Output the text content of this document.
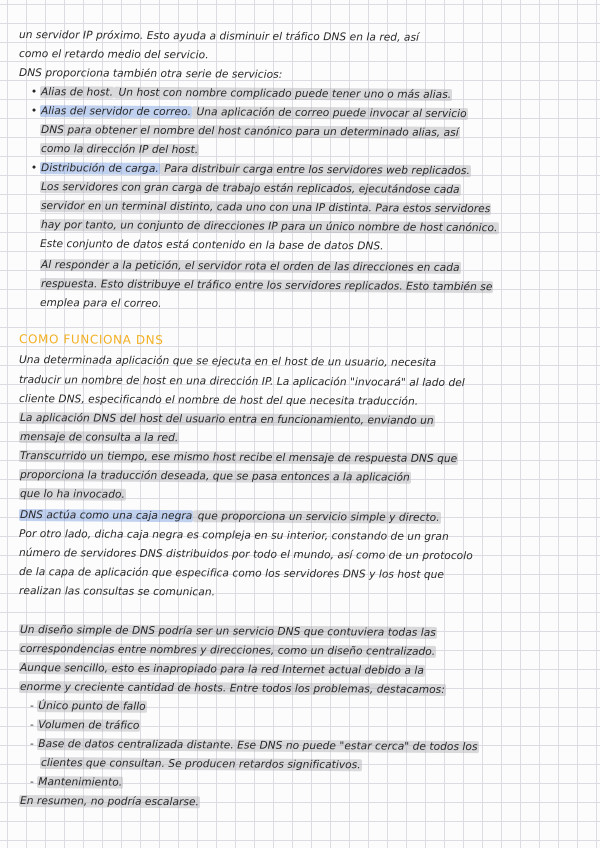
un servidor IP próximo. Esto ayuda a disminuir el tráfico DNS en la red, así
como el retardo medio del servicio.
DNS proporciona también otra serie de servicios:
• Alias de host. Un host con nombre complicado puede tener uno o más alias.
• Alias del servidor de correo. Una aplicación de correo puede invocar al servicio
DNS para obtener el nombre del host canónico para un determinado alias, así
como la dirección IP del host.
• Distribución de carga. Para distribuir carga entre los servidores web replicados.
Los servidores con gran carga de trabajo están replicados, ejecutándose cada
servidor en un terminal distinto, cada uno con una IP distinta. Para estos servidores
hay por tanto, un conjunto de direcciones IP para un único nombre de host canónico.
Este conjunto de datos está contenido en la base de datos DNS.
Al responder a la petición, el servidor rota el orden de las direcciones en cada
respuesta. Esto distribuye el tráfico entre los servidores replicados. Esto también se
emplea para el correo.
COMO FUNCIONA DNS
Una determinada aplicación que se ejecuta en el host de un usuario, necesita
traducir un nombre de host en una dirección IP. La aplicación "invocará" al lado del
cliente DNS, especificando el nombre de host del que necesita traducción.
La aplicación DNS del host del usuario entra en funcionamiento, enviando un
mensaje de consulta a la red.
Transcurrido un tiempo, ese mismo host recibe el mensaje de respuesta DNS que
proporciona la traducción deseada, que se pasa entonces a la aplicación
que lo ha invocado.
DNS actúa como una caja negra que proporciona un servicio simple y directo.
Por otro lado, dicha caja negra es compleja en su interior, constando de un gran
número de servidores DNS distribuidos por todo el mundo, así como de un protocolo
de la capa de aplicación que especifica como los servidores DNS y los host que
realizan las consultas se comunican.
Un diseño simple de DNS podría ser un servicio DNS que contuviera todas las
correspondencias entre nombres y direcciones, como un diseño centralizado.
Aunque sencillo, esto es inapropiado para la red Internet actual debido a la
enorme y creciente cantidad de hosts. Entre todos los problemas, destacamos:
- Único punto de fallo
- Volumen de tráfico
- Base de datos centralizada distante. Ese DNS no puede "estar cerca" de todos los
clientes que consultan. Se producen retardos significativos.
- Mantenimiento.
En resumen, no podría escalarse.
